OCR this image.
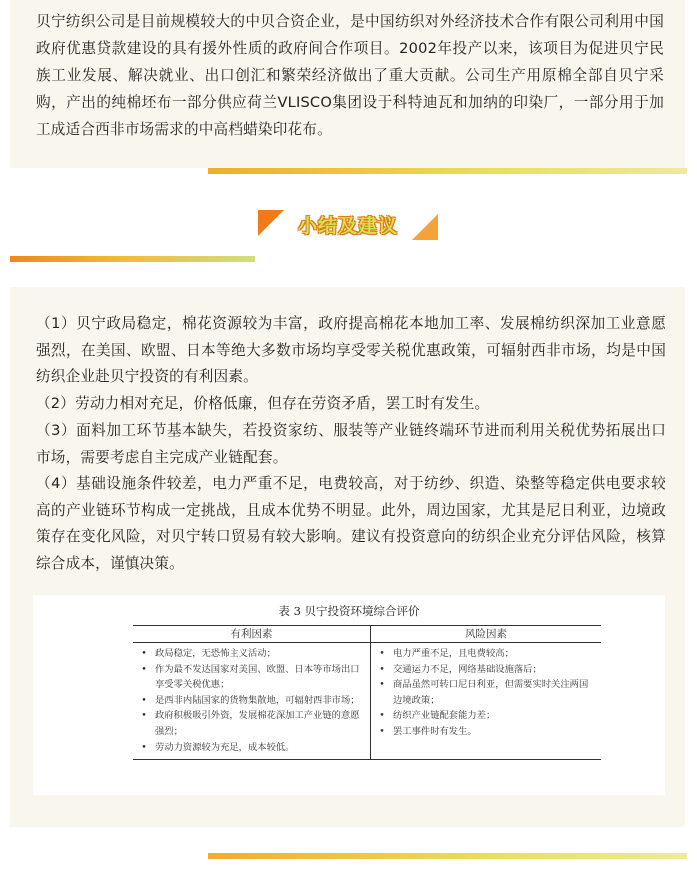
贝宁纺织公司是目前规模较大的中贝合资企业，是中国纺织对外经济技术合作有限公司利用中国政府优惠贷款建设的具有援外性质的政府间合作项目。2002年投产以来，该项目为促进贝宁民族工业发展、解决就业、出口创汇和繁荣经济做出了重大贡献。公司生产用原棉全部自贝宁采购，产出的纯棉坯布一部分供应荷兰VLISCO集团设于科特迪瓦和加纳的印染厂，一部分用于加工成适合西非市场需求的中高档蜡染印花布。

小结及建议

（1）贝宁政局稳定，棉花资源较为丰富，政府提高棉花本地加工率、发展棉纺织深加工业意愿强烈，在美国、欧盟、日本等绝大多数市场均享受零关税优惠政策，可辐射西非市场，均是中国纺织企业赴贝宁投资的有利因素。

（2）劳动力相对充足，价格低廉，但存在劳资矛盾，罢工时有发生。

（3）面料加工环节基本缺失，若投资家纺、服装等产业链终端环节进而利用关税优势拓展出口市场，需要考虑自主完成产业链配套。

（4）基础设施条件较差，电力严重不足，电费较高，对于纺纱、织造、染整等稳定供电要求较高的产业链环节构成一定挑战，且成本优势不明显。此外，周边国家，尤其是尼日利亚，边境政策存在变化风险，对贝宁转口贸易有较大影响。建议有投资意向的纺织企业充分评估风险，核算综合成本，谨慎决策。

表 3 贝宁投资环境综合评价
有利因素	风险因素
• 政局稳定，无恐怖主义活动；
• 作为最不发达国家对美国、欧盟、日本等市场出口享受零关税优惠；
• 是西非内陆国家的货物集散地，可辐射西非市场；
• 政府积极吸引外资，发展棉花深加工产业链的意愿强烈；
• 劳动力资源较为充足，成本较低。
• 电力严重不足，且电费较高；
• 交通运力不足，网络基础设施落后；
• 商品虽然可转口尼日利亚，但需要实时关注两国边境政策；
• 纺织产业链配套能力差；
• 罢工事件时有发生。
